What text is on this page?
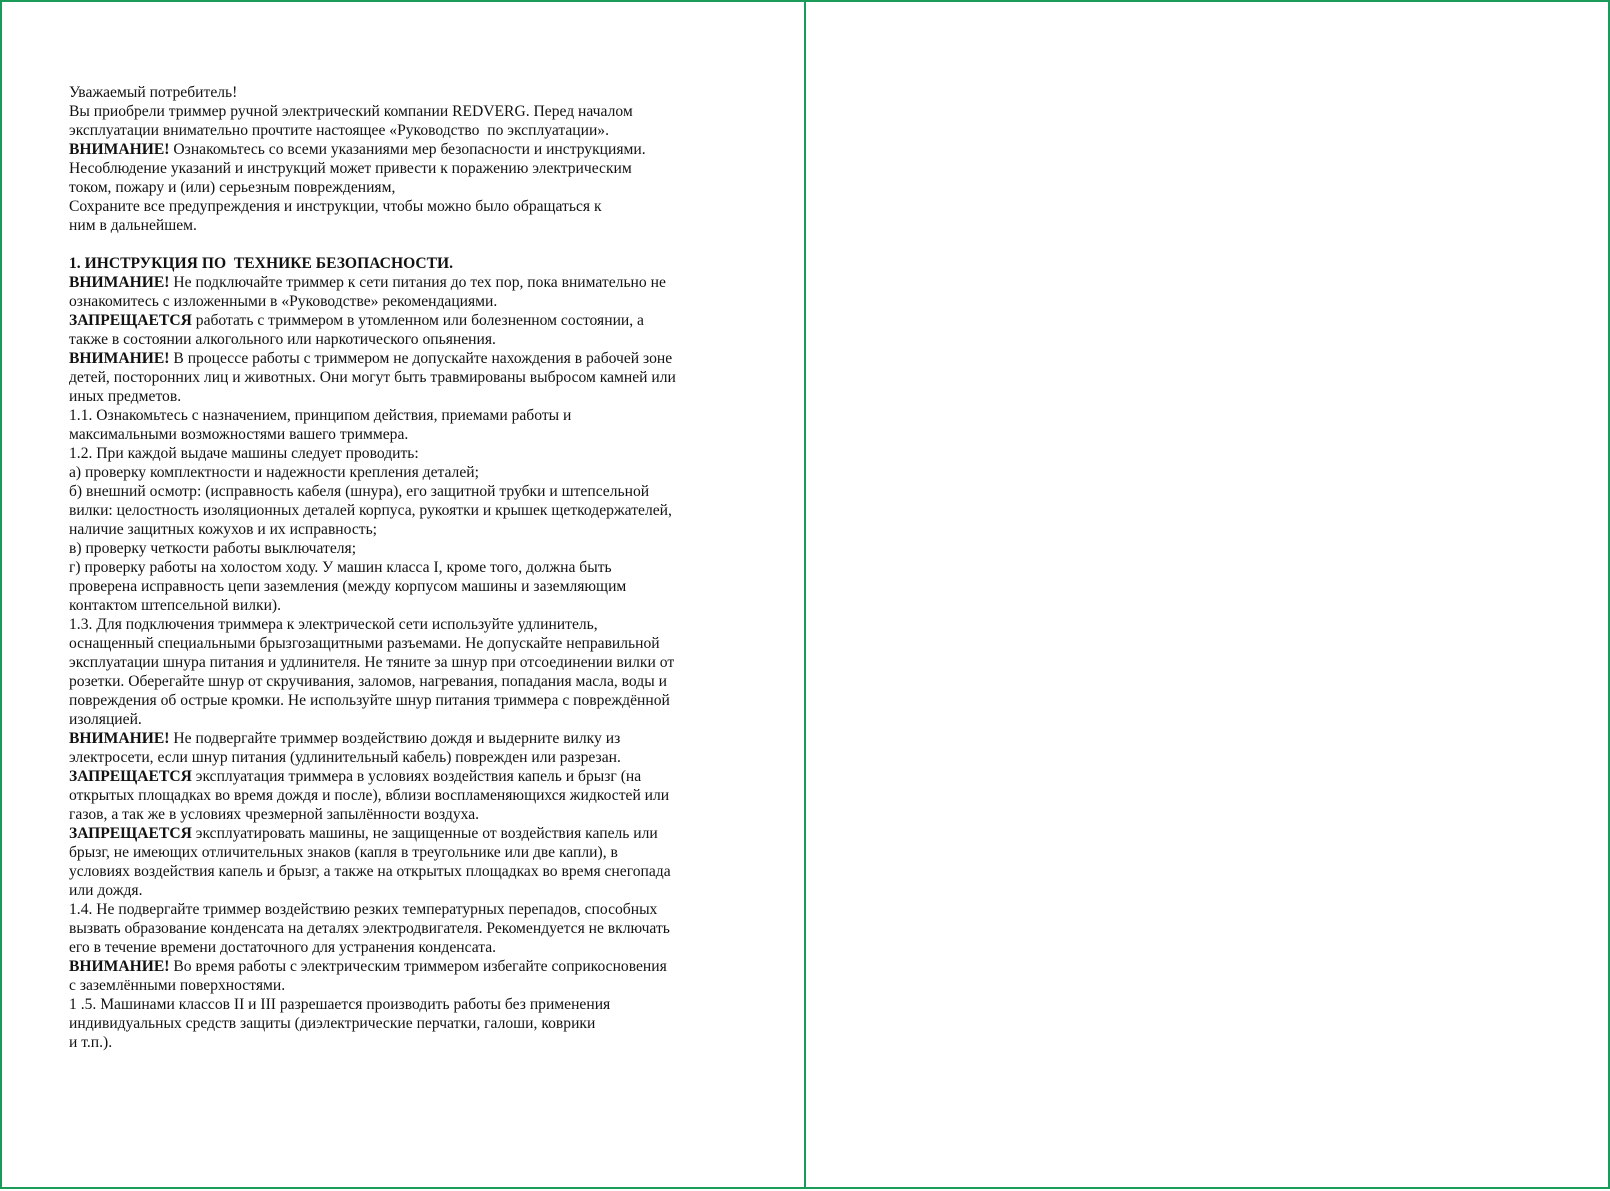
Уважаемый потребитель!
Вы приобрели триммер ручной электрический компании REDVERG. Перед началом
эксплуатации внимательно прочтите настоящее «Руководство  по эксплуатации».
ВНИМАНИЕ! Ознакомьтесь со всеми указаниями мер безопасности и инструкциями.
Несоблюдение указаний и инструкций может привести к поражению электрическим
током, пожару и (или) серьезным повреждениям,
Сохраните все предупреждения и инструкции, чтобы можно было обращаться к
ним в дальнейшем.
1. ИНСТРУКЦИЯ ПО  ТЕХНИКЕ БЕЗОПАСНОСТИ.
ВНИМАНИЕ! Не подключайте триммер к сети питания до тех пор, пока внимательно не
ознакомитесь с изложенными в «Руководстве» рекомендациями.
ЗАПРЕЩАЕТСЯ работать с триммером в утомленном или болезненном состоянии, а
также в состоянии алкогольного или наркотического опьянения.
ВНИМАНИЕ! В процессе работы с триммером не допускайте нахождения в рабочей зоне
детей, посторонних лиц и животных. Они могут быть травмированы выбросом камней или
иных предметов.
1.1. Ознакомьтесь с назначением, принципом действия, приемами работы и
максимальными возможностями вашего триммера.
1.2. При каждой выдаче машины следует проводить:
а) проверку комплектности и надежности крепления деталей;
б) внешний осмотр: (исправность кабеля (шнура), его защитной трубки и штепсельной
вилки: целостность изоляционных деталей корпуса, рукоятки и крышек щеткодержателей,
наличие защитных кожухов и их исправность;
в) проверку четкости работы выключателя;
г) проверку работы на холостом ходу. У машин класса I, кроме того, должна быть
проверена исправность цепи заземления (между корпусом машины и заземляющим
контактом штепсельной вилки).
1.3. Для подключения триммера к электрической сети используйте удлинитель,
оснащенный специальными брызгозащитными разъемами. Не допускайте неправильной
эксплуатации шнура питания и удлинителя. Не тяните за шнур при отсоединении вилки от
розетки. Оберегайте шнур от скручивания, заломов, нагревания, попадания масла, воды и
повреждения об острые кромки. Не используйте шнур питания триммера с повреждённой
изоляцией.
ВНИМАНИЕ! Не подвергайте триммер воздействию дождя и выдерните вилку из
электросети, если шнур питания (удлинительный кабель) поврежден или разрезан.
ЗАПРЕЩАЕТСЯ эксплуатация триммера в условиях воздействия капель и брызг (на
открытых площадках во время дождя и после), вблизи воспламеняющихся жидкостей или
газов, а так же в условиях чрезмерной запылённости воздуха.
ЗАПРЕЩАЕТСЯ эксплуатировать машины, не защищенные от воздействия капель или
брызг, не имеющих отличительных знаков (капля в треугольнике или две капли), в
условиях воздействия капель и брызг, а также на открытых площадках во время снегопада
или дождя.
1.4. Не подвергайте триммер воздействию резких температурных перепадов, способных
вызвать образование конденсата на деталях электродвигателя. Рекомендуется не включать
его в течение времени достаточного для устранения конденсата.
ВНИМАНИЕ! Во время работы с электрическим триммером избегайте соприкосновения
с заземлёнными поверхностями.
1 .5. Машинами классов II и III разрешается производить работы без применения
индивидуальных средств защиты (диэлектрические перчатки, галоши, коврики
и т.п.).
